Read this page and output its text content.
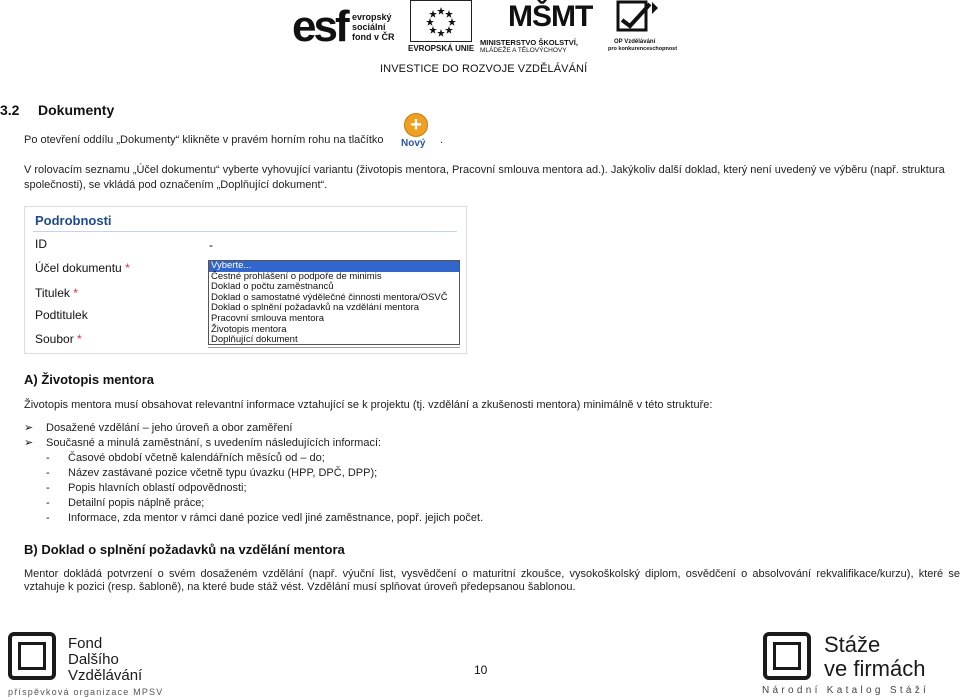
esf evropský
sociální
fond v ČR
EVROPSKÁ UNIE
MŠMT
MINISTERSTVO ŠKOLSTVÍ,
MLÁDEŽE A TĚLOVÝCHOVY
OP Vzdělávání
pro konkurenceschopnost
INVESTICE DO ROZVOJE VZDĚLÁVÁNÍ
3.2 Dokumenty
Po otevření oddílu „Dokumenty“ klikněte v pravém horním rohu na tlačítko
+
Nový .
V rolovacím seznamu „Účel dokumentu“ vyberte vyhovující variantu (životopis mentora, Pracovní smlouva mentora ad.). Jakýkoliv další doklad, který není uvedený ve výběru (např. struktura
společnosti), se vkládá pod označením „Doplňující dokument“.
Podrobnosti
ID	-
Účel dokumentu *
Titulek *
Podtitulek
Soubor *
Vyberte...
Čestné prohlášení o podpoře de minimis
Doklad o počtu zaměstnanců
Doklad o samostatné výdělečné činnosti mentora/OSVČ
Doklad o splnění požadavků na vzdělání mentora
Pracovní smlouva mentora
Životopis mentora
Doplňující dokument
A) Životopis mentora
Životopis mentora musí obsahovat relevantní informace vztahující se k projektu (tj. vzdělání a zkušenosti mentora) minimálně v této struktuře:
➢ Dosažené vzdělání – jeho úroveň a obor zaměření
➢ Současné a minulá zaměstnání, s uvedením následujících informací:
- Časové období včetně kalendářních měsíců od – do;
- Název zastávané pozice včetně typu úvazku (HPP, DPČ, DPP);
- Popis hlavních oblastí odpovědnosti;
- Detailní popis náplně práce;
- Informace, zda mentor v rámci dané pozice vedl jiné zaměstnance, popř. jejich počet.
B) Doklad o splnění požadavků na vzdělání mentora
Mentor dokládá potvrzení o svém dosaženém vzdělání (např. výuční list, vysvědčení o maturitní zkoušce, vysokoškolský diplom, osvědčení o absolvování rekvalifikace/kurzu), které se
vztahuje k pozici (resp. šabloně), na které bude stáž vést. Vzdělání musí splňovat úroveň předepsanou šablonou.
Fond
Dalšího
Vzdělávání
příspěvková organizace MPSV
10
Stáže
ve firmách
Národní Katalog Stáží
